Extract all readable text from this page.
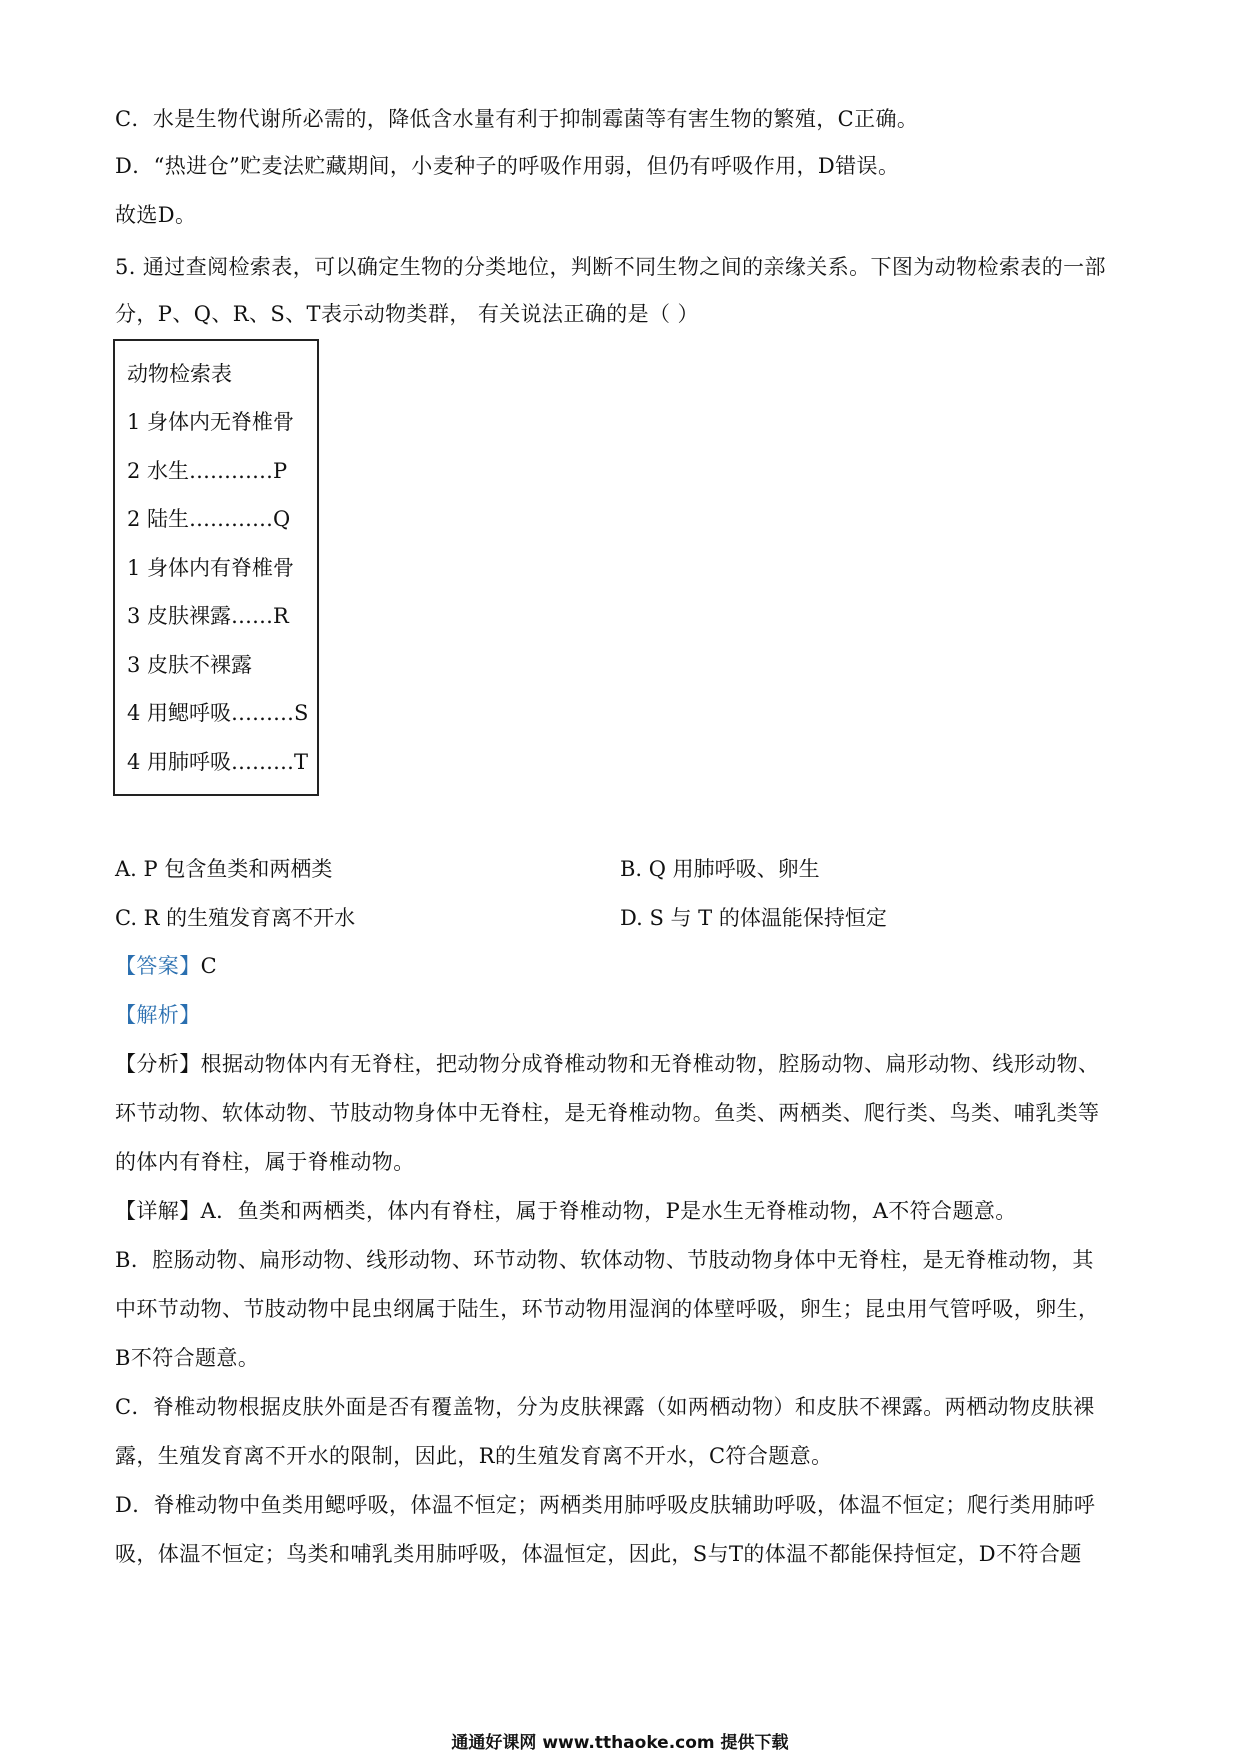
C．水是生物代谢所必需的，降低含水量有利于抑制霉菌等有害生物的繁殖，C正确。
D．“热进仓”贮麦法贮藏期间，小麦种子的呼吸作用弱，但仍有呼吸作用，D错误。
故选D。
5. 通过查阅检索表，可以确定生物的分类地位，判断不同生物之间的亲缘关系。下图为动物检索表的一部
分，P、Q、R、S、T表示动物类群， 有关说法正确的是（ ）
动物检索表
1 身体内无脊椎骨
2 水生…………P
2 陆生…………Q
1 身体内有脊椎骨
3 皮肤裸露……R
3 皮肤不裸露
4 用鳃呼吸………S
4 用肺呼吸………T
A. P 包含鱼类和两栖类	B. Q 用肺呼吸、卵生
C. R 的生殖发育离不开水	D. S 与 T 的体温能保持恒定
【答案】C
【解析】
【分析】根据动物体内有无脊柱，把动物分成脊椎动物和无脊椎动物，腔肠动物、扁形动物、线形动物、
环节动物、软体动物、节肢动物身体中无脊柱，是无脊椎动物。鱼类、两栖类、爬行类、鸟类、哺乳类等
的体内有脊柱，属于脊椎动物。
【详解】A．鱼类和两栖类，体内有脊柱，属于脊椎动物，P是水生无脊椎动物，A不符合题意。
B．腔肠动物、扁形动物、线形动物、环节动物、软体动物、节肢动物身体中无脊柱，是无脊椎动物，其
中环节动物、节肢动物中昆虫纲属于陆生，环节动物用湿润的体壁呼吸，卵生；昆虫用气管呼吸，卵生，
B不符合题意。
C．脊椎动物根据皮肤外面是否有覆盖物，分为皮肤裸露（如两栖动物）和皮肤不裸露。两栖动物皮肤裸
露，生殖发育离不开水的限制，因此，R的生殖发育离不开水，C符合题意。
D．脊椎动物中鱼类用鳃呼吸，体温不恒定；两栖类用肺呼吸皮肤辅助呼吸，体温不恒定；爬行类用肺呼
吸，体温不恒定；鸟类和哺乳类用肺呼吸，体温恒定，因此，S与T的体温不都能保持恒定，D不符合题
通通好课网 www.tthaoke.com 提供下载
